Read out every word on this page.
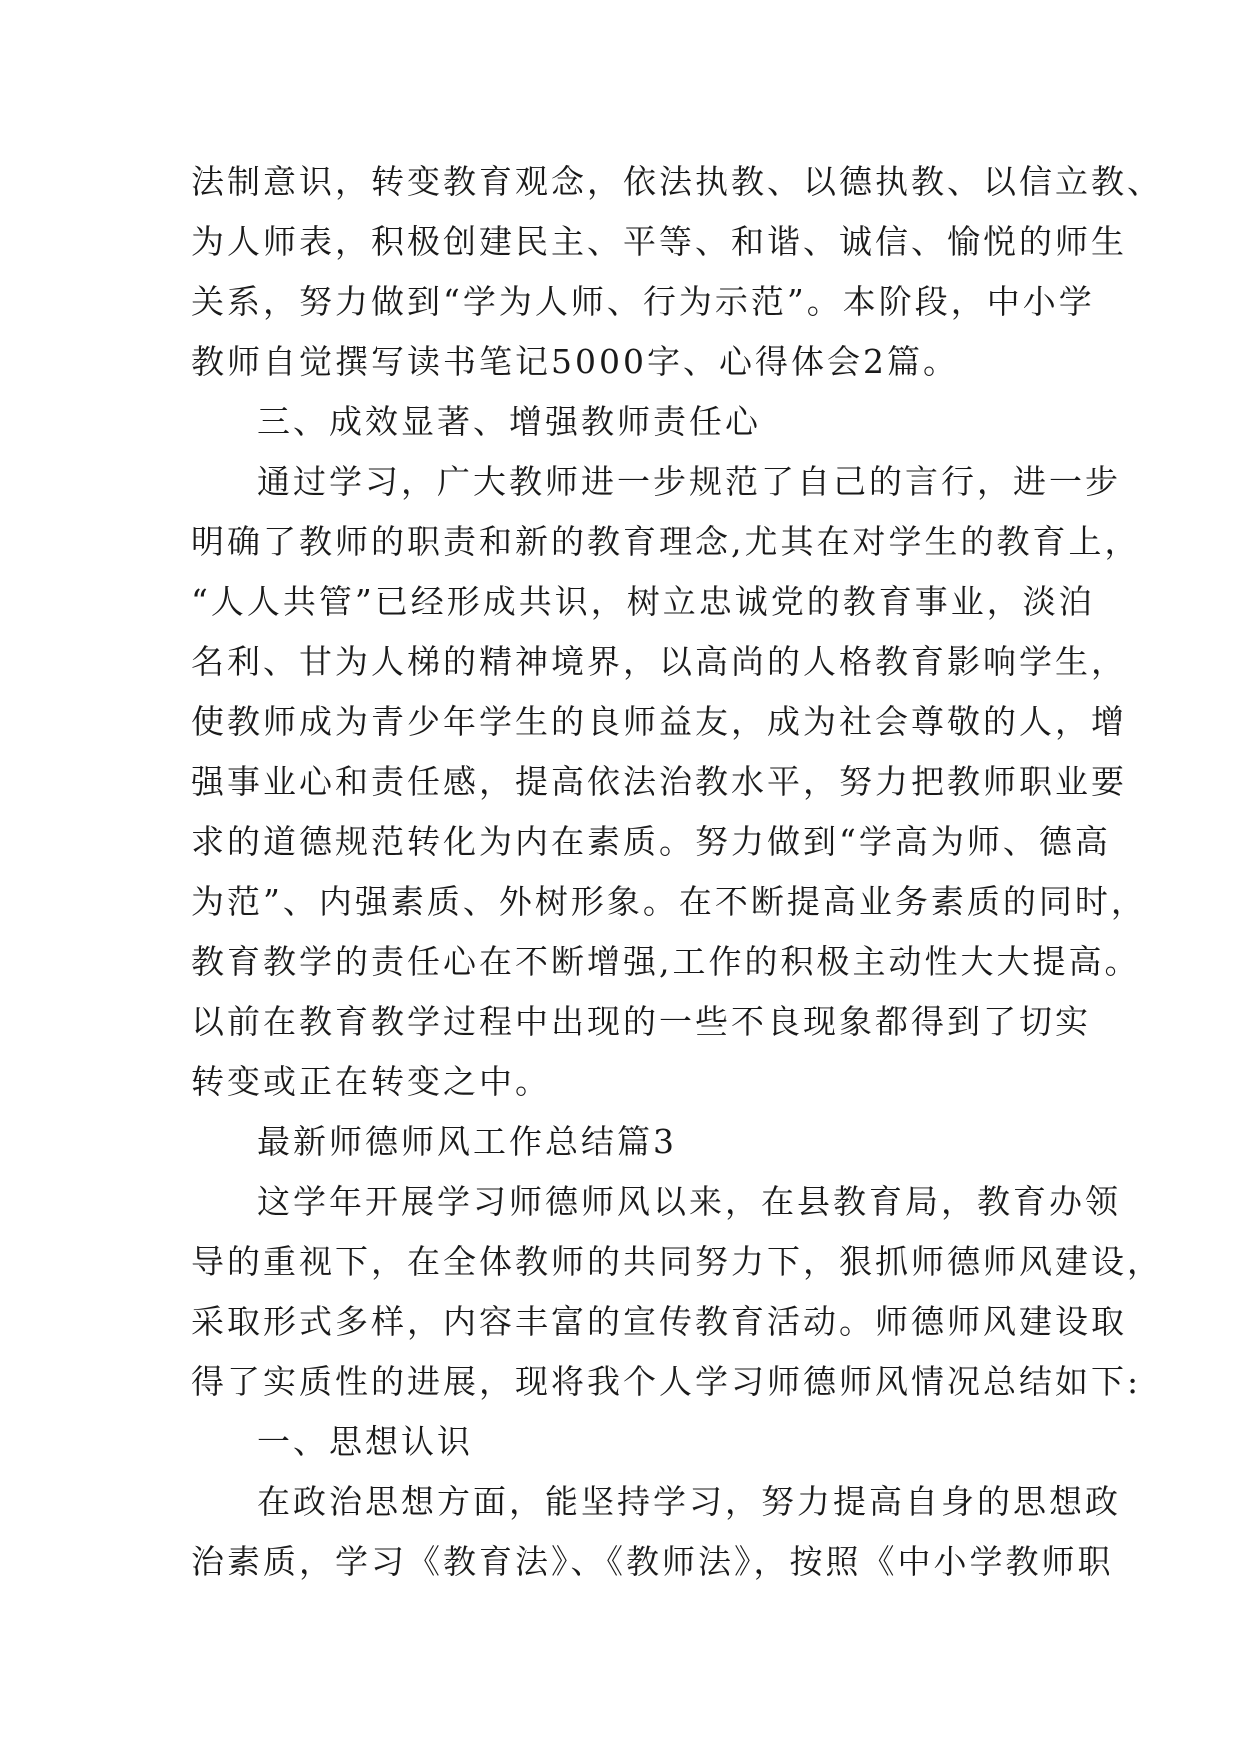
法制意识，转变教育观念，依法执教、以德执教、以信立教、
为人师表，积极创建民主、平等、和谐、诚信、愉悦的师生
关系，努力做到“学为人师、行为示范”。本阶段，中小学
教师自觉撰写读书笔记5000字、心得体会2篇。
三、成效显著、增强教师责任心
通过学习，广大教师进一步规范了自己的言行，进一步
明确了教师的职责和新的教育理念,尤其在对学生的教育上，
“人人共管”已经形成共识，树立忠诚党的教育事业，淡泊
名利、甘为人梯的精神境界，以高尚的人格教育影响学生，
使教师成为青少年学生的良师益友，成为社会尊敬的人，增
强事业心和责任感，提高依法治教水平，努力把教师职业要
求的道德规范转化为内在素质。努力做到“学高为师、德高
为范”、内强素质、外树形象。在不断提高业务素质的同时，
教育教学的责任心在不断增强,工作的积极主动性大大提高。
以前在教育教学过程中出现的一些不良现象都得到了切实
转变或正在转变之中。
最新师德师风工作总结篇3
这学年开展学习师德师风以来，在县教育局，教育办领
导的重视下，在全体教师的共同努力下，狠抓师德师风建设，
采取形式多样，内容丰富的宣传教育活动。师德师风建设取
得了实质性的进展，现将我个人学习师德师风情况总结如下:
一、思想认识
在政治思想方面，能坚持学习，努力提高自身的思想政
治素质，学习《教育法》、《教师法》，按照《中小学教师职
